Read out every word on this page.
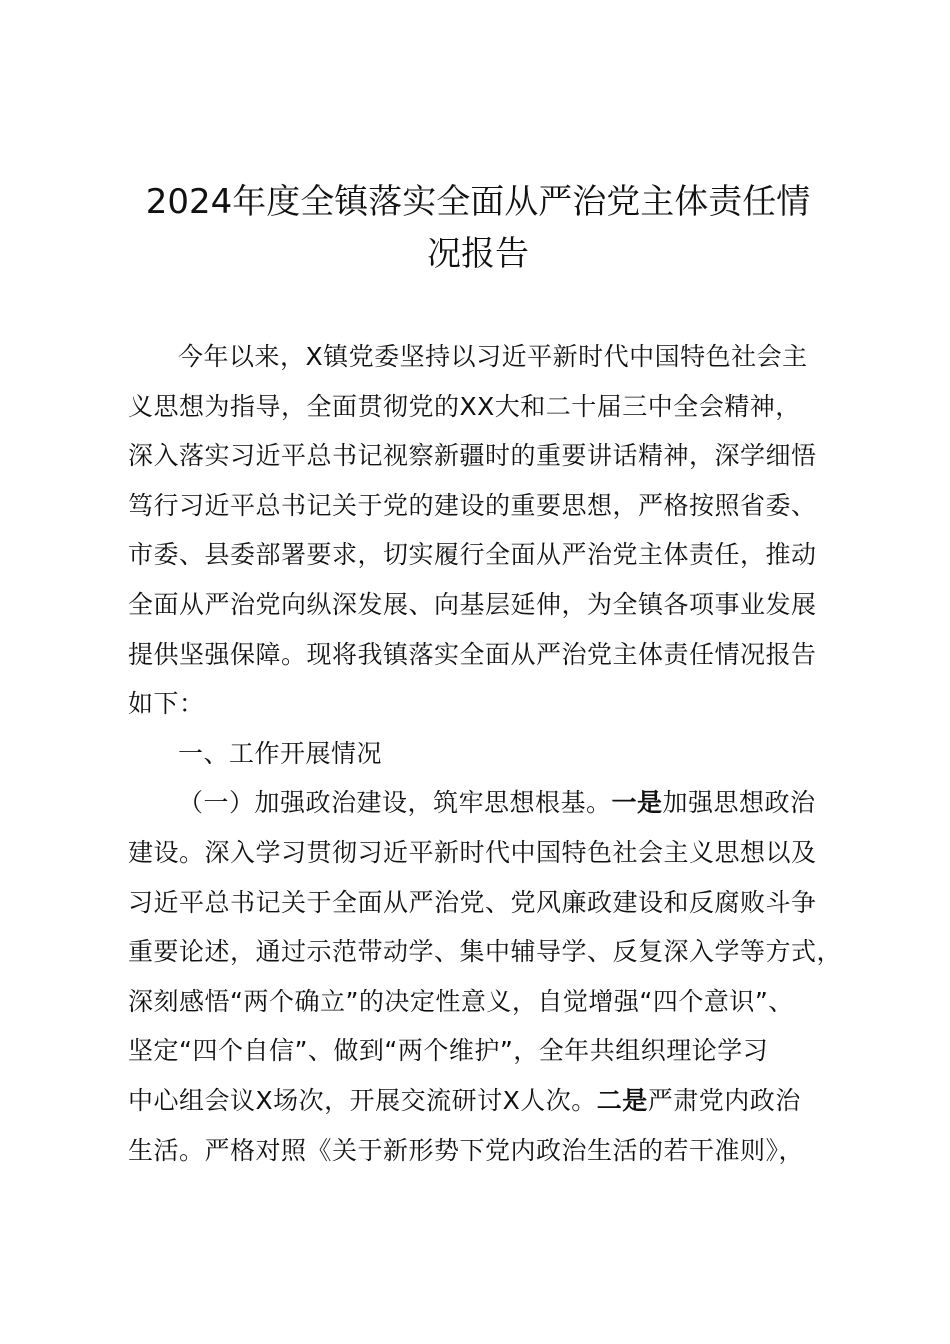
2024年度全镇落实全面从严治党主体责任情
况报告
今年以来，X镇党委坚持以习近平新时代中国特色社会主
义思想为指导，全面贯彻党的XX大和二十届三中全会精神，
深入落实习近平总书记视察新疆时的重要讲话精神，深学细悟
笃行习近平总书记关于党的建设的重要思想，严格按照省委、
市委、县委部署要求，切实履行全面从严治党主体责任，推动
全面从严治党向纵深发展、向基层延伸，为全镇各项事业发展
提供坚强保障。现将我镇落实全面从严治党主体责任情况报告
如下：
一、工作开展情况
（一）加强政治建设，筑牢思想根基。一是加强思想政治
建设。深入学习贯彻习近平新时代中国特色社会主义思想以及
习近平总书记关于全面从严治党、党风廉政建设和反腐败斗争
重要论述，通过示范带动学、集中辅导学、反复深入学等方式，
深刻感悟“两个确立”的决定性意义，自觉增强“四个意识”、
坚定“四个自信”、做到“两个维护”，全年共组织理论学习
中心组会议X场次，开展交流研讨X人次。二是严肃党内政治
生活。严格对照《关于新形势下党内政治生活的若干准则》，
